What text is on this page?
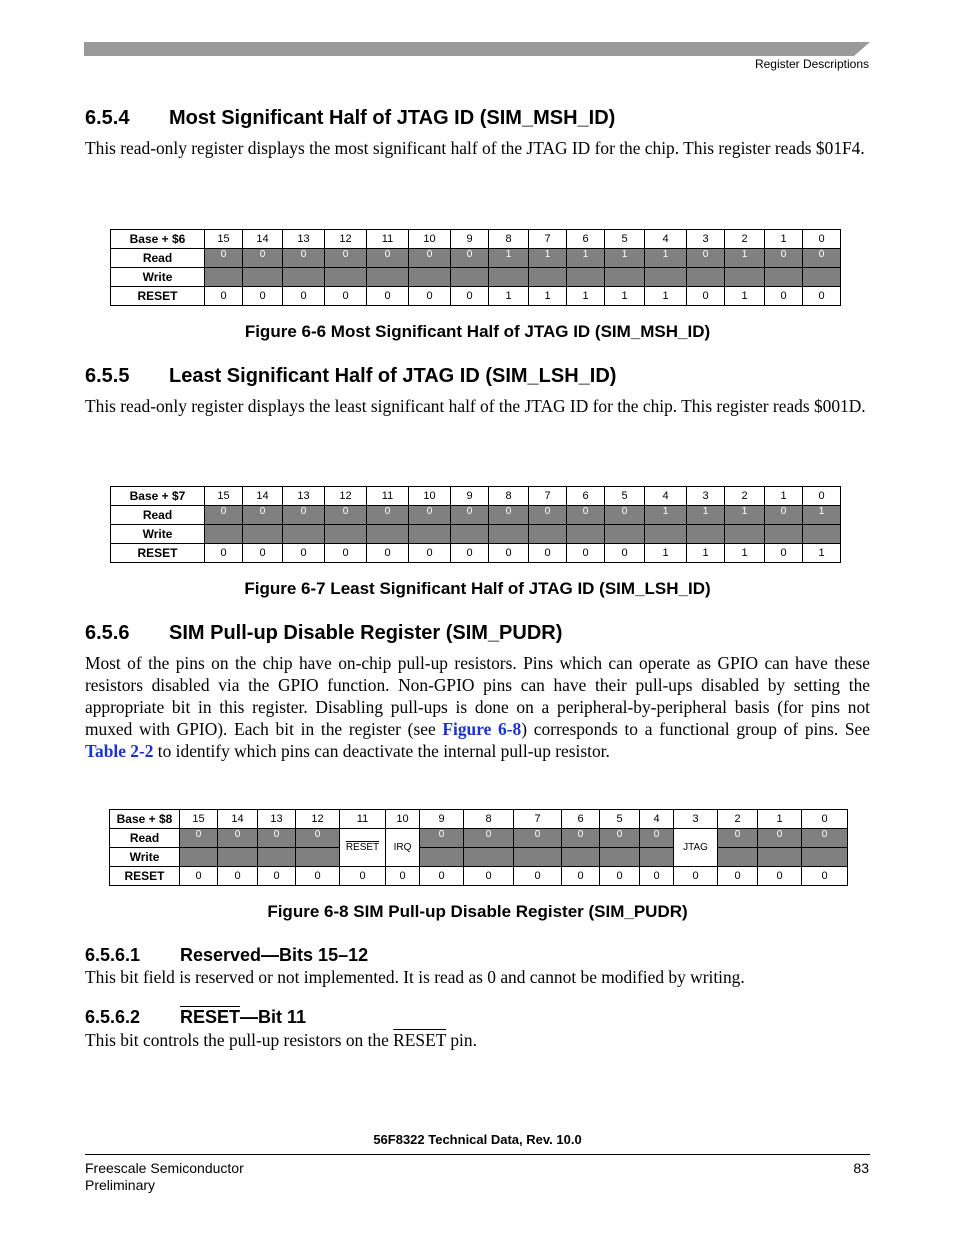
Register Descriptions
6.5.4 Most Significant Half of JTAG ID (SIM_MSH_ID)
This read-only register displays the most significant half of the JTAG ID for the chip. This register reads $01F4.
Base + $6	15	14	13	12	11	10	9	8	7	6	5	4	3	2	1	0
Read	0	0	0	0	0	0	0	1	1	1	1	1	0	1	0	0
Write																
RESET	0	0	0	0	0	0	0	1	1	1	1	1	0	1	0	0
Figure 6-6 Most Significant Half of JTAG ID (SIM_MSH_ID)
6.5.5 Least Significant Half of JTAG ID (SIM_LSH_ID)
This read-only register displays the least significant half of the JTAG ID for the chip. This register reads $001D.
Base + $7	15	14	13	12	11	10	9	8	7	6	5	4	3	2	1	0
Read	0	0	0	0	0	0	0	0	0	0	0	1	1	1	0	1
Write																
RESET	0	0	0	0	0	0	0	0	0	0	0	1	1	1	0	1
Figure 6-7 Least Significant Half of JTAG ID (SIM_LSH_ID)
6.5.6 SIM Pull-up Disable Register (SIM_PUDR)
Most of the pins on the chip have on-chip pull-up resistors. Pins which can operate as GPIO can have these resistors disabled via the GPIO function. Non-GPIO pins can have their pull-ups disabled by setting the appropriate bit in this register. Disabling pull-ups is done on a peripheral-by-peripheral basis (for pins not muxed with GPIO). Each bit in the register (see Figure 6-8) corresponds to a functional group of pins. See Table 2-2 to identify which pins can deactivate the internal pull-up resistor.
Base + $8	15	14	13	12	11	10	9	8	7	6	5	4	3	2	1	0
Read	0	0	0	0	RESET	IRQ	0	0	0	0	0	0	JTAG	0	0	0
Write																
RESET	0	0	0	0	0	0	0	0	0	0	0	0	0	0	0	0
Figure 6-8 SIM Pull-up Disable Register (SIM_PUDR)
6.5.6.1 Reserved—Bits 15–12
This bit field is reserved or not implemented. It is read as 0 and cannot be modified by writing.
6.5.6.2 RESET—Bit 11
This bit controls the pull-up resistors on the RESET pin.
56F8322 Technical Data, Rev. 10.0
Freescale Semiconductor
Preliminary
83
